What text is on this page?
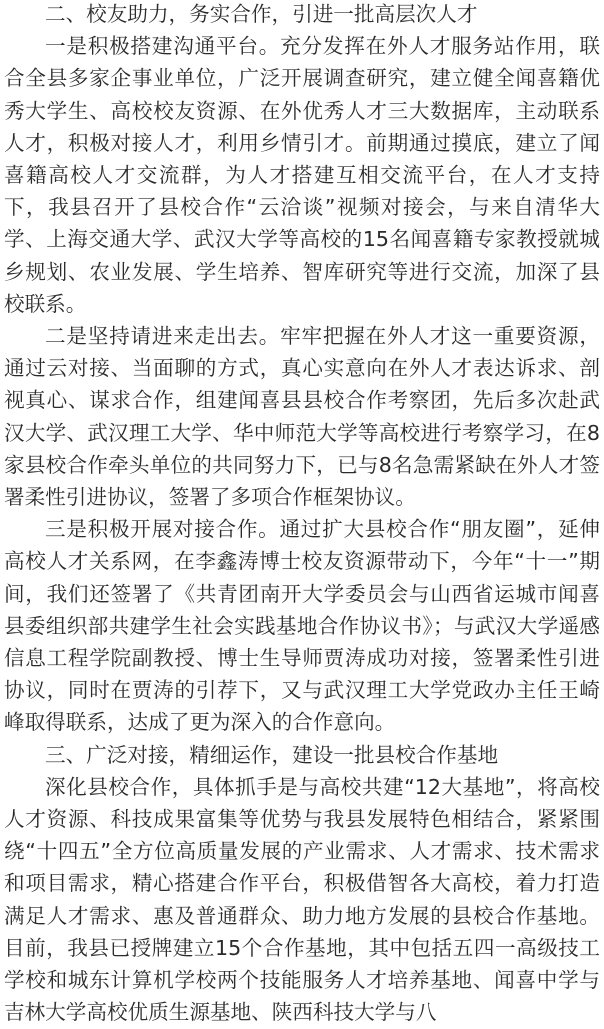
二、校友助力，务实合作，引进一批高层次人才

一是积极搭建沟通平台。充分发挥在外人才服务站作用，联合全县多家企事业单位，广泛开展调查研究，建立健全闻喜籍优秀大学生、高校校友资源、在外优秀人才三大数据库，主动联系人才，积极对接人才，利用乡情引才。前期通过摸底，建立了闻喜籍高校人才交流群，为人才搭建互相交流平台，在人才支持下，我县召开了县校合作“云洽谈”视频对接会，与来自清华大学、上海交通大学、武汉大学等高校的15名闻喜籍专家教授就城乡规划、农业发展、学生培养、智库研究等进行交流，加深了县校联系。

二是坚持请进来走出去。牢牢把握在外人才这一重要资源，通过云对接、当面聊的方式，真心实意向在外人才表达诉求、剖视真心、谋求合作，组建闻喜县县校合作考察团，先后多次赴武汉大学、武汉理工大学、华中师范大学等高校进行考察学习，在8家县校合作牵头单位的共同努力下，已与8名急需紧缺在外人才签署柔性引进协议，签署了多项合作框架协议。

三是积极开展对接合作。通过扩大县校合作“朋友圈”，延伸高校人才关系网，在李鑫涛博士校友资源带动下，今年“十一”期间，我们还签署了《共青团南开大学委员会与山西省运城市闻喜县委组织部共建学生社会实践基地合作协议书》；与武汉大学遥感信息工程学院副教授、博士生导师贾涛成功对接，签署柔性引进协议，同时在贾涛的引荐下，又与武汉理工大学党政办主任王崎峰取得联系，达成了更为深入的合作意向。

三、广泛对接，精细运作，建设一批县校合作基地

深化县校合作，具体抓手是与高校共建“12大基地”，将高校人才资源、科技成果富集等优势与我县发展特色相结合，紧紧围绕“十四五”全方位高质量发展的产业需求、人才需求、技术需求和项目需求，精心搭建合作平台，积极借智各大高校，着力打造满足人才需求、惠及普通群众、助力地方发展的县校合作基地。目前，我县已授牌建立15个合作基地，其中包括五四一高级技工学校和城东计算机学校两个技能服务人才培养基地、闻喜中学与吉林大学高校优质生源基地、陕西科技大学与八
